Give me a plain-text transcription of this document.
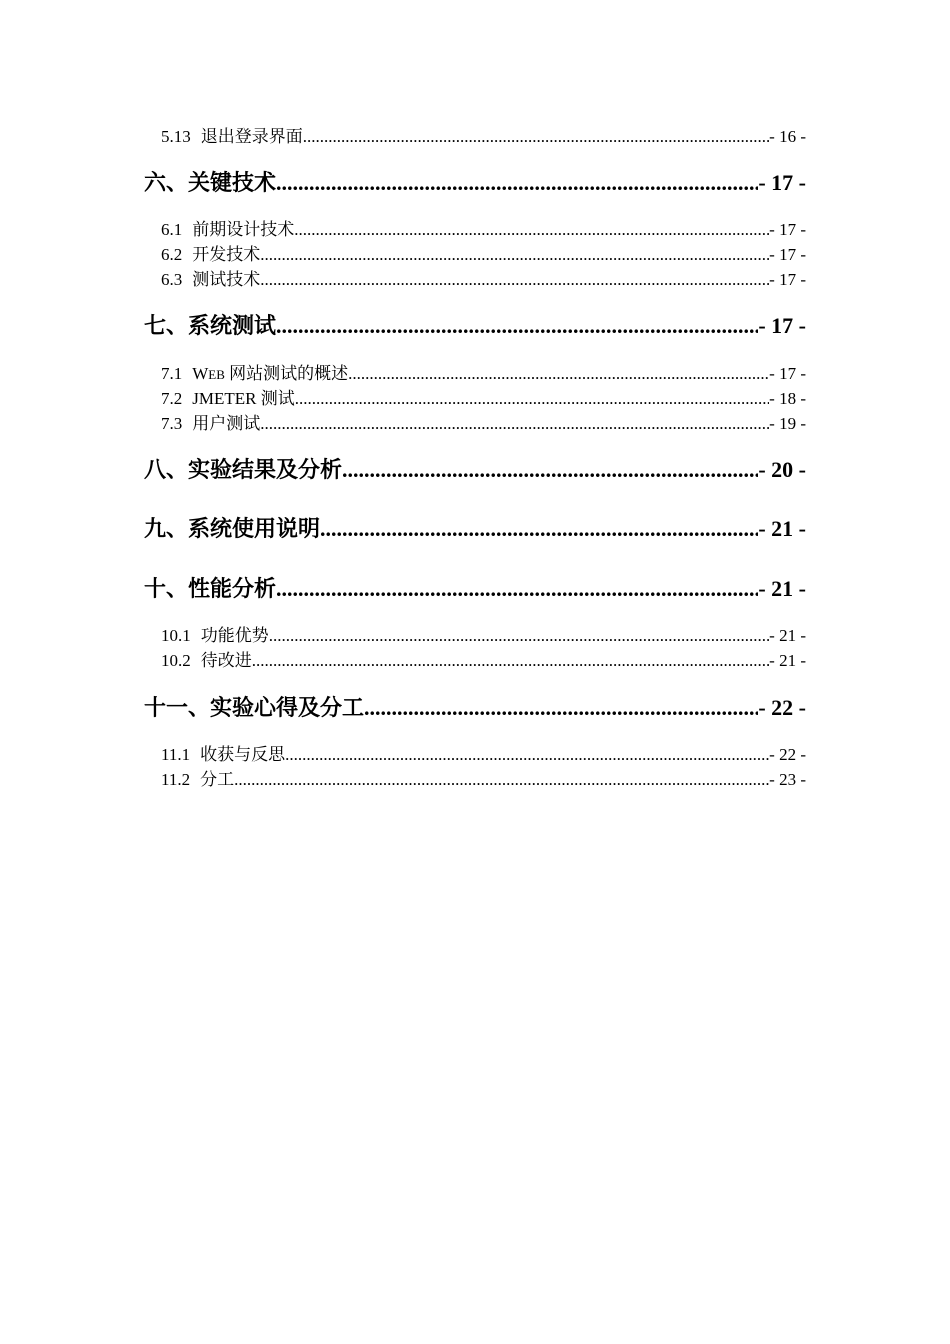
5.13 退出登录界面 .....	- 16 -
六、 关键技术 .....	- 17 -
6.1 前期设计技术 .....	- 17 -
6.2 开发技术 .....	- 17 -
6.3 测试技术 .....	- 17 -
七、 系统测试 .....	- 17 -
7.1 WEB 网站测试的概述 .....	- 17 -
7.2 JMETER 测试 .....	- 18 -
7.3 用户测试 .....	- 19 -
八、 实验结果及分析 .....	- 20 -
九、 系统使用说明 .....	- 21 -
十、 性能分析 .....	- 21 -
10.1 功能优势 .....	- 21 -
10.2 待改进 .....	- 21 -
十一、 实验心得及分工 .....	- 22 -
11.1 收获与反思 .....	- 22 -
11.2 分工 .....	- 23 -
